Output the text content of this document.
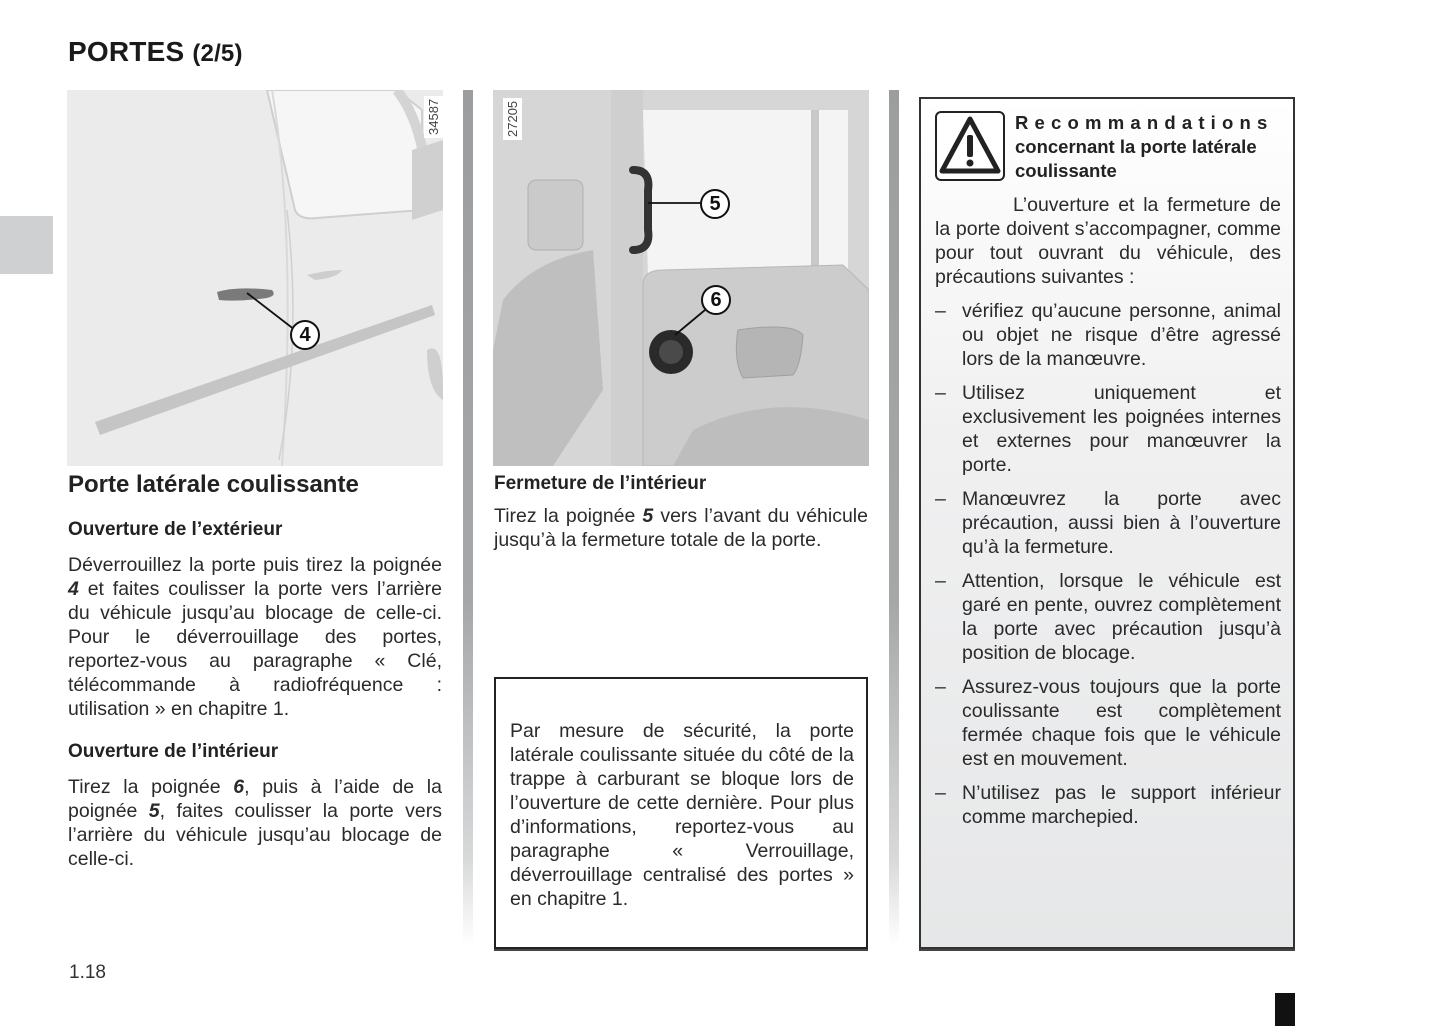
PORTES (2/5)
34587
4
27205
5
6
Porte latérale coulissante
Ouverture de l’extérieur
Déverrouillez la porte puis tirez la poignée 4 et faites coulisser la porte vers l’arrière du véhicule jusqu’au blocage de celle-ci. Pour le déverrouillage des portes, reportez-vous au paragraphe « Clé, télécommande à radiofréquence : utilisation » en chapitre 1.
Ouverture de l’intérieur
Tirez la poignée 6, puis à l’aide de la poignée 5, faites coulisser la porte vers l’arrière du véhicule jusqu’au blocage de celle-ci.
Fermeture de l’intérieur
Tirez la poignée 5 vers l’avant du véhicule jusqu’à la fermeture totale de la porte.
Par mesure de sécurité, la porte latérale coulissante située du côté de la trappe à carburant se bloque lors de l’ouverture de cette dernière. Pour plus d’informations, reportez-vous au paragraphe « Verrouillage, déverrouillage centralisé des portes » en chapitre 1.
Recommandations
concernant la porte latérale coulissante
L’ouverture et la fermeture de la porte doivent s’accompagner, comme pour tout ouvrant du véhicule, des précautions suivantes :
– vérifiez qu’aucune personne, animal ou objet ne risque d’être agressé lors de la manœuvre.
– Utilisez uniquement et exclusivement les poignées internes et externes pour manœuvrer la porte.
– Manœuvrez la porte avec précaution, aussi bien à l’ouverture qu’à la fermeture.
– Attention, lorsque le véhicule est garé en pente, ouvrez complètement la porte avec précaution jusqu’à position de blocage.
– Assurez-vous toujours que la porte coulissante est complètement fermée chaque fois que le véhicule est en mouvement.
– N’utilisez pas le support inférieur comme marchepied.
1.18
